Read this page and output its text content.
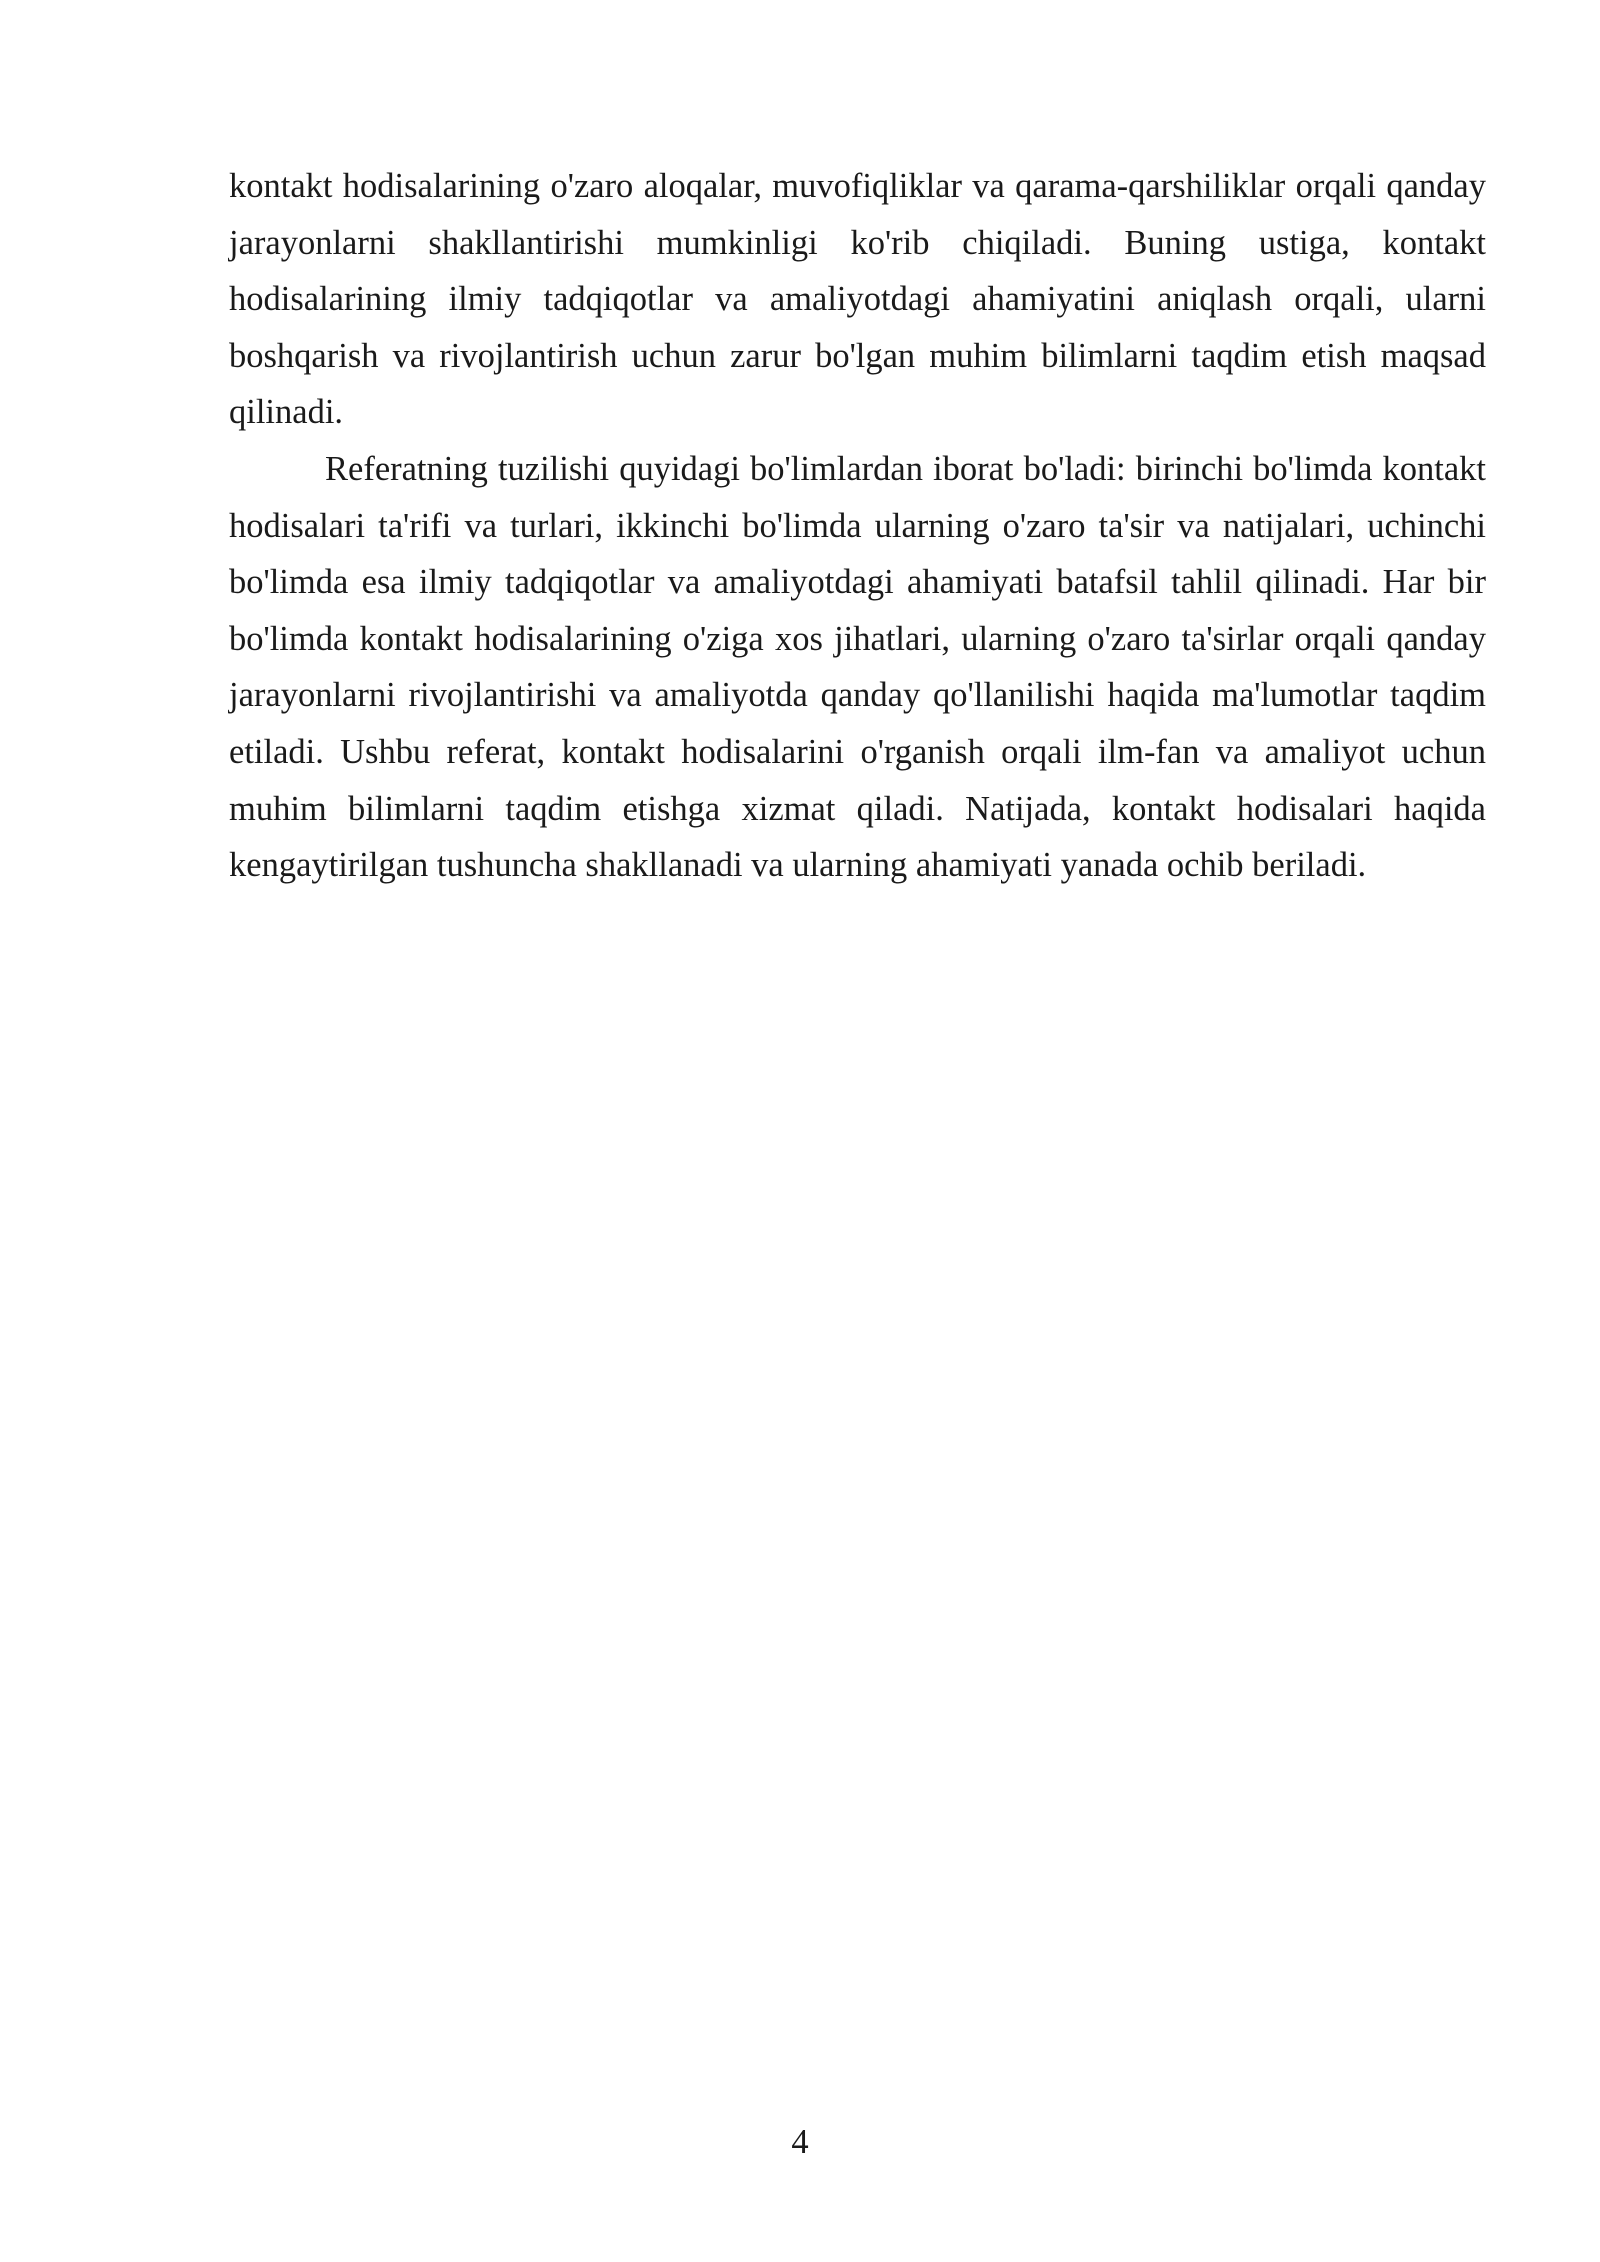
kontakt hodisalarining o'zaro aloqalar, muvofiqliklar va qarama-qarshiliklar orqali qanday jarayonlarni shakllantirishi mumkinligi ko'rib chiqiladi. Buning ustiga, kontakt hodisalarining ilmiy tadqiqotlar va amaliyotdagi ahamiyatini aniqlash orqali, ularni boshqarish va rivojlantirish uchun zarur bo'lgan muhim bilimlarni taqdim etish maqsad qilinadi.

Referatning tuzilishi quyidagi bo'limlardan iborat bo'ladi: birinchi bo'limda kontakt hodisalari ta'rifi va turlari, ikkinchi bo'limda ularning o'zaro ta'sir va natijalari, uchinchi bo'limda esa ilmiy tadqiqotlar va amaliyotdagi ahamiyati batafsil tahlil qilinadi. Har bir bo'limda kontakt hodisalarining o'ziga xos jihatlari, ularning o'zaro ta'sirlar orqali qanday jarayonlarni rivojlantirishi va amaliyotda qanday qo'llanilishi haqida ma'lumotlar taqdim etiladi. Ushbu referat, kontakt hodisalarini o'rganish orqali ilm-fan va amaliyot uchun muhim bilimlarni taqdim etishga xizmat qiladi. Natijada, kontakt hodisalari haqida kengaytirilgan tushuncha shakllanadi va ularning ahamiyati yanada ochib beriladi.

4
